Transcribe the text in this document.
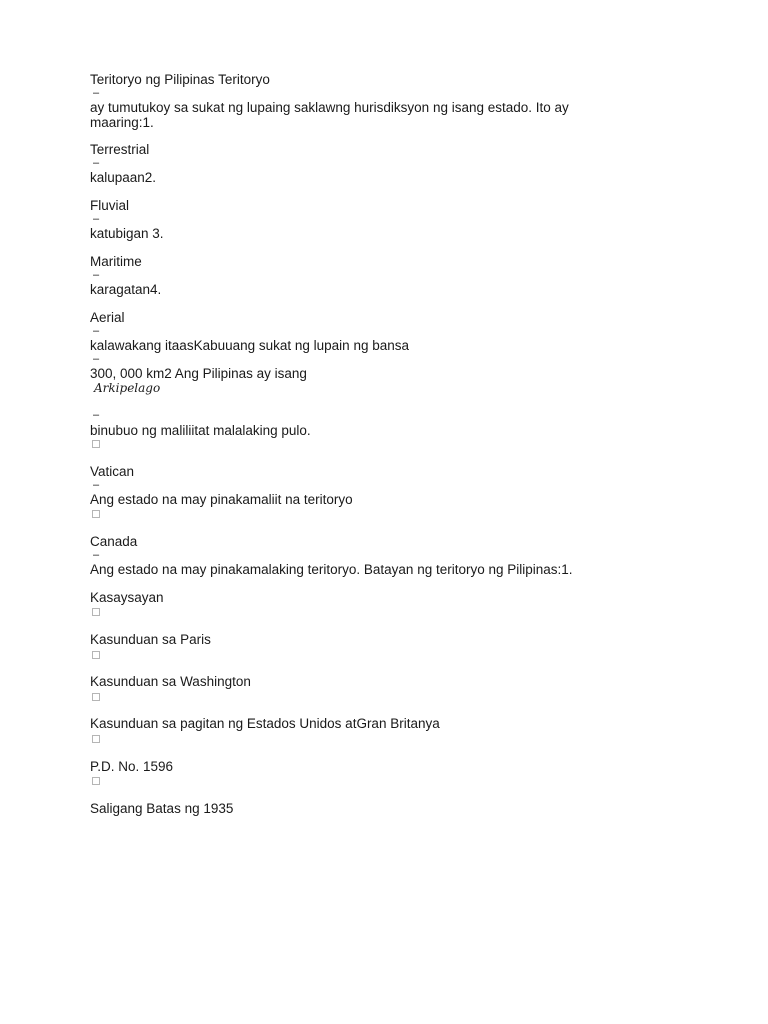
Teritoryo ng Pilipinas Teritoryo
–
ay tumutukoy sa sukat ng lupaing saklawng hurisdiksyon ng isang estado. Ito ay
maaring:1.
Terrestrial
–
kalupaan2.
Fluvial
–
katubigan 3.
Maritime
–
karagatan4.
Aerial
–
kalawakang itaasKabuuang sukat ng lupain ng bansa
–
300, 000 km2 Ang Pilipinas ay isang
Arkipelago
–
binubuo ng maliliitat malalaking pulo.
Vatican
–
Ang estado na may pinakamaliit na teritoryo
Canada
–
Ang estado na may pinakamalaking teritoryo. Batayan ng teritoryo ng Pilipinas:1.
Kasaysayan
Kasunduan sa Paris
Kasunduan sa Washington
Kasunduan sa pagitan ng Estados Unidos atGran Britanya
P.D. No. 1596
Saligang Batas ng 1935
